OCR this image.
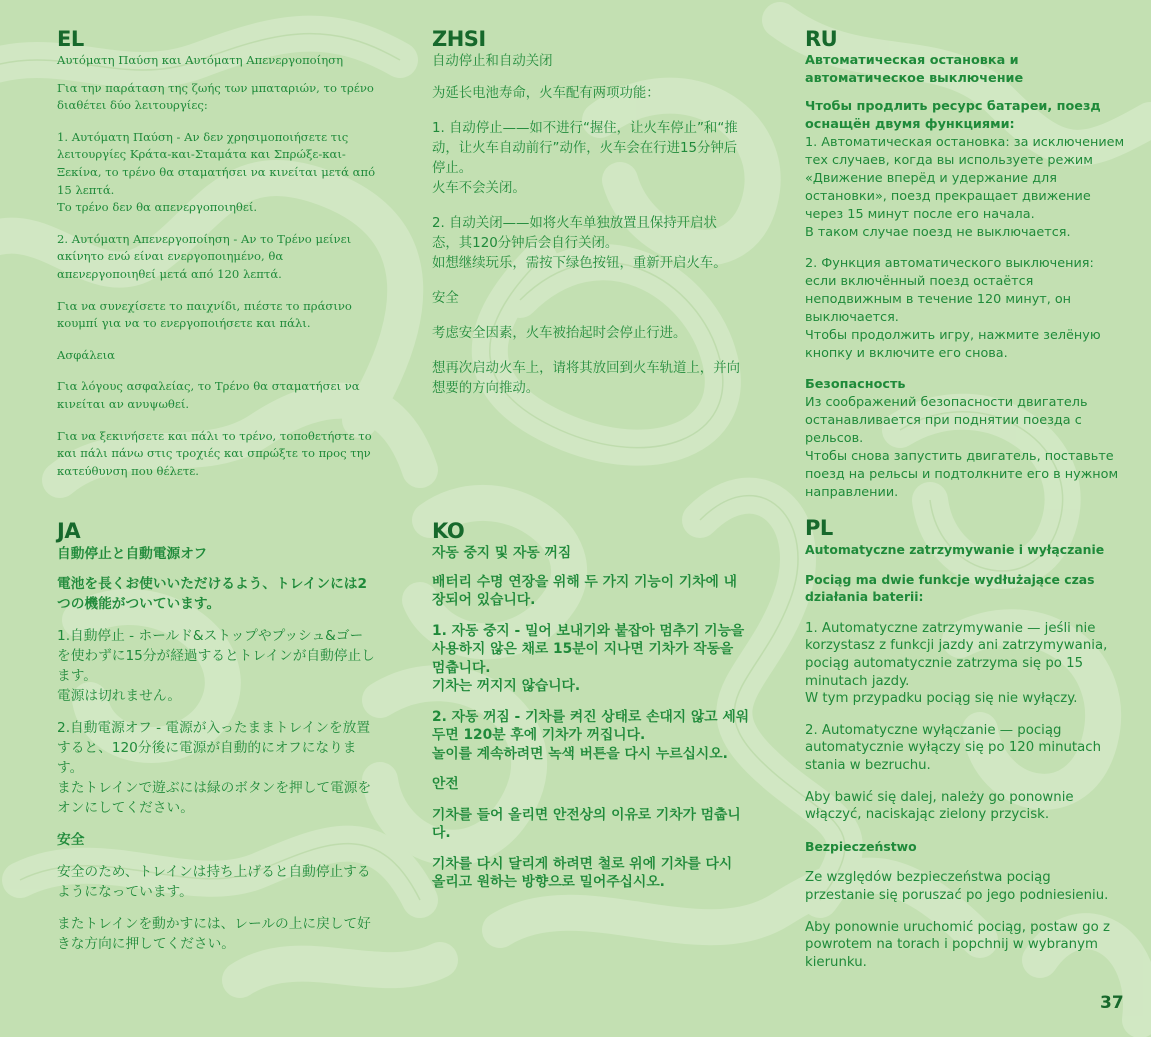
EL

Αυτόματη Παύση και Αυτόματη Απενεργοποίηση

Για την παράταση της ζωής των μπαταριών, το τρένο διαθέτει δύο λειτουργίες:

1. Αυτόματη Παύση - Αν δεν χρησιμοποιήσετε τις λειτουργίες Κράτα-και-Σταμάτα και Σπρώξε-και-Ξεκίνα, το τρένο θα σταματήσει να κινείται μετά από 15 λεπτά.
Το τρένο δεν θα απενεργοποιηθεί.

2. Αυτόματη Απενεργοποίηση - Αν το Τρένο μείνει ακίνητο ενώ είναι ενεργοποιημένο, θα απενεργοποιηθεί μετά από 120 λεπτά.

Για να συνεχίσετε το παιχνίδι, πιέστε το πράσινο κουμπί για να το ενεργοποιήσετε και πάλι.

Ασφάλεια

Για λόγους ασφαλείας, το Τρένο θα σταματήσει να κινείται αν ανυψωθεί.

Για να ξεκινήσετε και πάλι το τρένο, τοποθετήστε το και πάλι πάνω στις τροχιές και σπρώξτε το προς την κατεύθυνση που θέλετε.

ZHSI

自动停止和自动关闭

为延长电池寿命，火车配有两项功能：

1. 自动停止——如不进行“握住，让火车停止”和“推动，让火车自动前行”动作，火车会在行进15分钟后停止。
火车不会关闭。

2. 自动关闭——如将火车单独放置且保持开启状态，其120分钟后会自行关闭。
如想继续玩乐，需按下绿色按钮，重新开启火车。

安全

考虑安全因素，火车被抬起时会停止行进。

想再次启动火车上，请将其放回到火车轨道上，并向想要的方向推动。

RU

Автоматическая остановка и автоматическое выключение

Чтобы продлить ресурс батареи, поезд оснащён двумя функциями:

1. Автоматическая остановка: за исключением тех случаев, когда вы используете режим «Движение вперёд и удержание для остановки», поезд прекращает движение через 15 минут после его начала.
В таком случае поезд не выключается.

2. Функция автоматического выключения: если включённый поезд остаётся неподвижным в течение 120 минут, он выключается.
Чтобы продолжить игру, нажмите зелёную кнопку и включите его снова.

Безопасность

Из соображений безопасности двигатель останавливается при поднятии поезда с рельсов.
Чтобы снова запустить двигатель, поставьте поезд на рельсы и подтолкните его в нужном направлении.

JA

自動停止と自動電源オフ

電池を長くお使いいただけるよう、トレインには2つの機能がついています。

1.自動停止 - ホールド&ストップやプッシュ&ゴーを使わずに15分が経過するとトレインが自動停止します。
電源は切れません。

2.自動電源オフ - 電源が入ったままトレインを放置すると、120分後に電源が自動的にオフになります。
またトレインで遊ぶには緑のボタンを押して電源をオンにしてください。

安全

安全のため、トレインは持ち上げると自動停止するようになっています。

またトレインを動かすには、レールの上に戻して好きな方向に押してください。

KO

자동 중지 및 자동 꺼짐

배터리 수명 연장을 위해 두 가지 기능이 기차에 내장되어 있습니다.

1. 자동 중지 - 밀어 보내기와 붙잡아 멈추기 기능을 사용하지 않은 채로 15분이 지나면 기차가 작동을 멈춥니다.
기차는 꺼지지 않습니다.

2. 자동 꺼짐 - 기차를 켜진 상태로 손대지 않고 세워 두면 120분 후에 기차가 꺼집니다.
놀이를 계속하려면 녹색 버튼을 다시 누르십시오.

안전

기차를 들어 올리면 안전상의 이유로 기차가 멈춥니다.

기차를 다시 달리게 하려면 철로 위에 기차를 다시 올리고 원하는 방향으로 밀어주십시오.

PL

Automatyczne zatrzymywanie i wyłączanie

Pociąg ma dwie funkcje wydłużające czas działania baterii:

1. Automatyczne zatrzymywanie — jeśli nie korzystasz z funkcji jazdy ani zatrzymywania, pociąg automatycznie zatrzyma się po 15 minutach jazdy.
W tym przypadku pociąg się nie wyłączy.

2. Automatyczne wyłączanie — pociąg automatycznie wyłączy się po 120 minutach stania w bezruchu.

Aby bawić się dalej, należy go ponownie włączyć, naciskając zielony przycisk.

Bezpieczeństwo

Ze względów bezpieczeństwa pociąg przestanie się poruszać po jego podniesieniu.

Aby ponownie uruchomić pociąg, postaw go z powrotem na torach i popchnij w wybranym kierunku.

37
